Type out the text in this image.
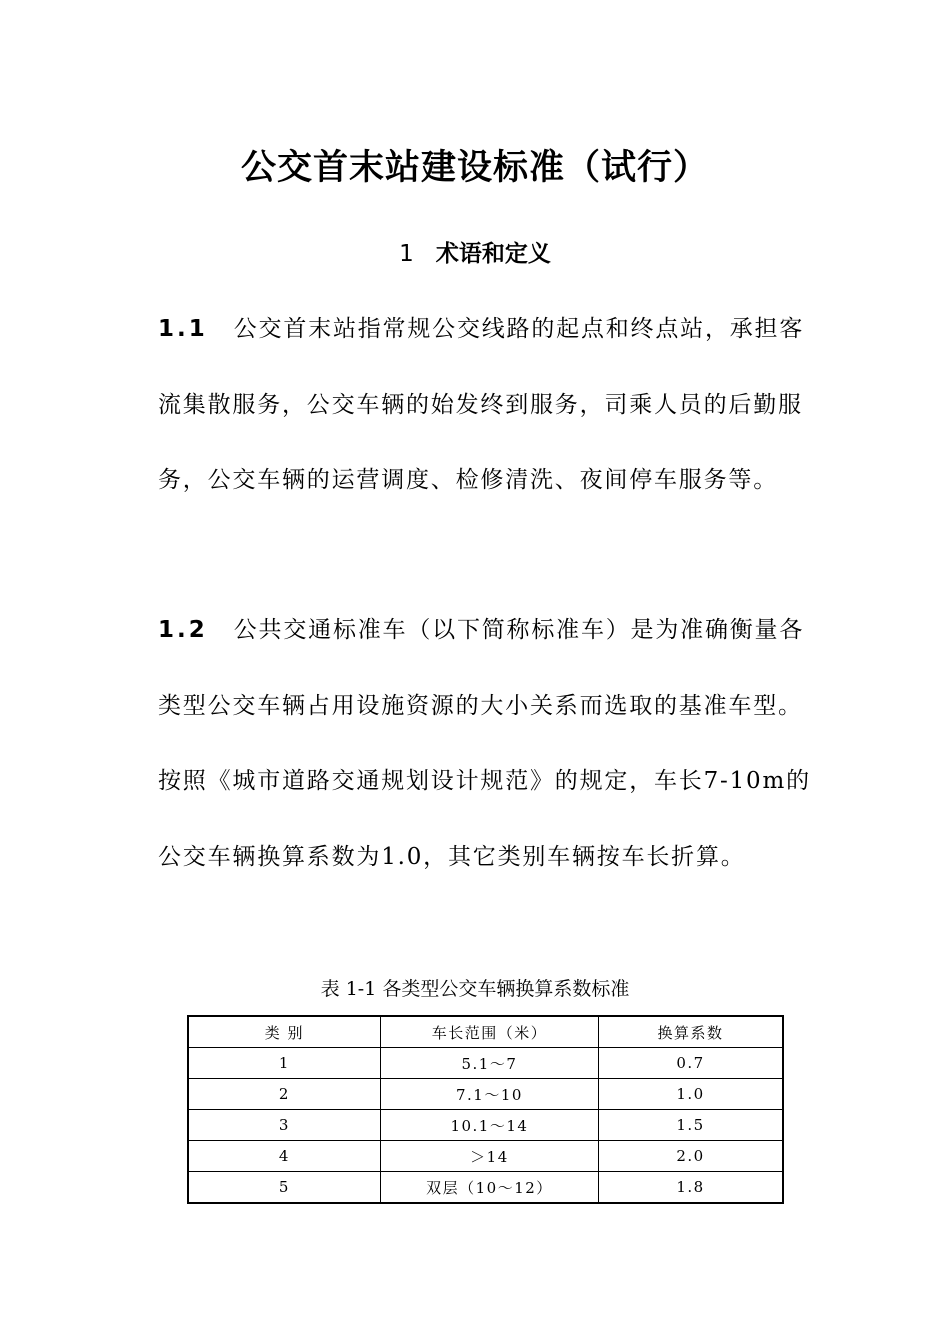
公交首末站建设标准（试行）
1 术语和定义
1.1 公交首末站指常规公交线路的起点和终点站，承担客流集散服务，公交车辆的始发终到服务，司乘人员的后勤服务，公交车辆的运营调度、检修清洗、夜间停车服务等。
1.2 公共交通标准车（以下简称标准车）是为准确衡量各类型公交车辆占用设施资源的大小关系而选取的基准车型。按照《城市道路交通规划设计规范》的规定，车长7-10m的公交车辆换算系数为1.0，其它类别车辆按车长折算。
表 1-1 各类型公交车辆换算系数标准
类 别	车长范围（米）	换算系数
1	5.1～7	0.7
2	7.1～10	1.0
3	10.1～14	1.5
4	＞14	2.0
5	双层（10～12）	1.8
